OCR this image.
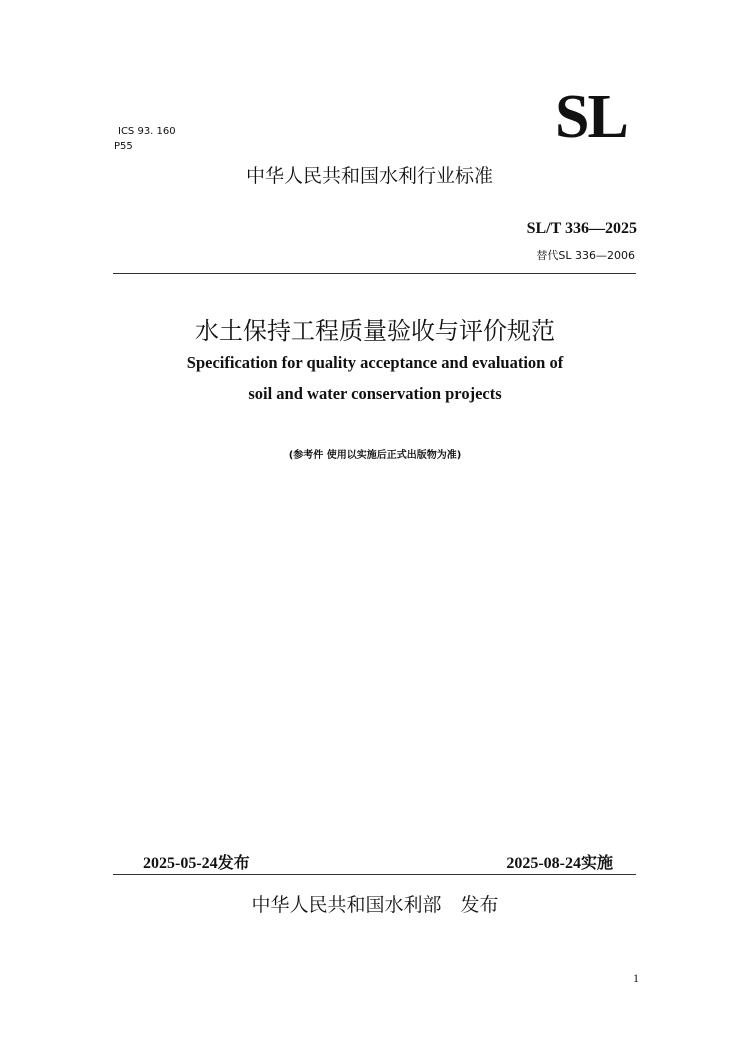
ICS 93. 160
P55	SL
中华人民共和国水利行业标准
SL/T 336—2025
替代SL 336—2006
水土保持工程质量验收与评价规范
Specification for quality acceptance and evaluation of
soil and water conservation projects
(参考件 使用以实施后正式出版物为准)
2025-05-24发布	2025-08-24实施
中华人民共和国水利部　发布
1
